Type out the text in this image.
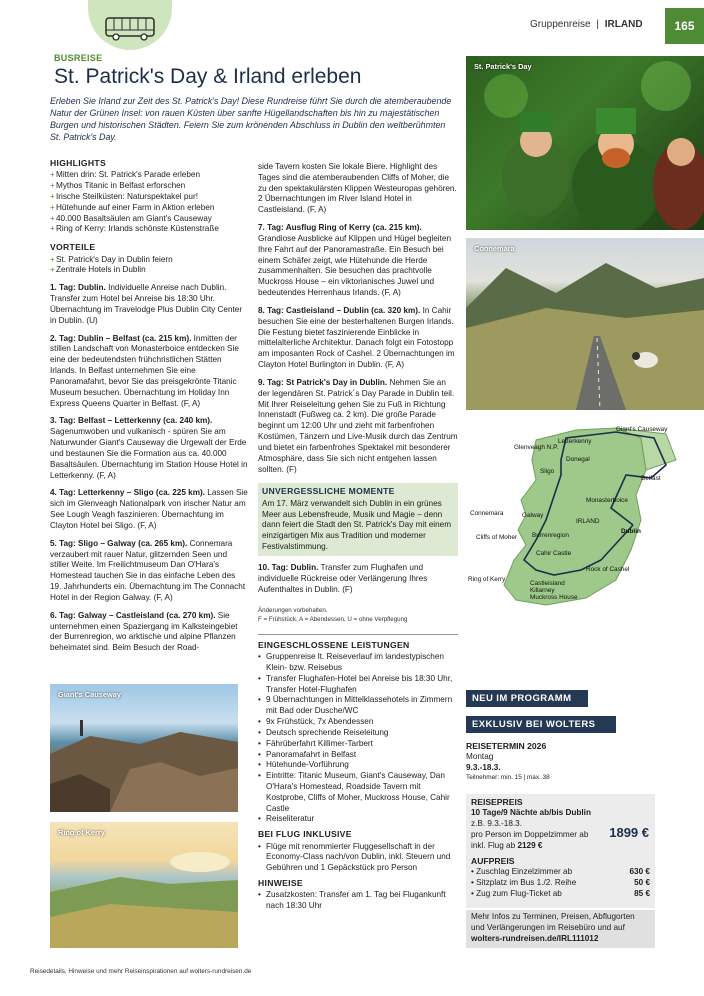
Gruppenreise | IRLAND	165
BUSREISE
St. Patrick's Day & Irland erleben
Erleben Sie Irland zur Zeit des St. Patrick's Day! Diese Rundreise führt Sie durch die atemberaubende Natur der Grünen Insel: von rauen Küsten über sanfte Hügellandschaften bis hin zu majestätischen Burgen und historischen Städten. Feiern Sie zum krönenden Abschluss in Dublin den weltberühmten St. Patrick's Day.
HIGHLIGHTS
+ Mitten drin: St. Patrick's Parade erleben
+ Mythos Titanic in Belfast erforschen
+ Irische Steilküsten: Naturspektakel pur!
+ Hütehunde auf einer Farm in Aktion erleben
+ 40.000 Basaltsäulen am Giant's Causeway
+ Ring of Kerry: Irlands schönste Küstenstraße
VORTEILE
+ St. Patrick's Day in Dublin feiern
+ Zentrale Hotels in Dublin
1. Tag: Dublin. Individuelle Anreise nach Dublin. Transfer zum Hotel bei Anreise bis 18:30 Uhr. Übernachtung im Travelodge Plus Dublin City Center in Dublin. (U)
2. Tag: Dublin – Belfast (ca. 215 km). Inmitten der stillen Landschaft von Monasterboice entdecken Sie eine der bedeutendsten frühchristlichen Stätten Irlands. In Belfast unternehmen Sie eine Panoramafahrt, bevor Sie das preisgekrönte Titanic Museum besuchen. Übernachtung im Holiday Inn Express Queens Quarter in Belfast. (F, A)
3. Tag: Belfast – Letterkenny (ca. 240 km). Sagenumwoben und vulkanisch - spüren Sie am Naturwunder Giant's Causeway die Urgewalt der Erde und bestaunen Sie die Formation aus ca. 40.000 Basaltsäulen. Übernachtung im Station House Hotel in Letterkenny. (F, A)
4. Tag: Letterkenny – Sligo (ca. 225 km). Lassen Sie sich im Glenveagh Nationalpark von irischer Natur am See Lough Veagh faszinieren. Übernachtung im Clayton Hotel bei Sligo. (F, A)
5. Tag: Sligo – Galway (ca. 265 km). Connemara verzaubert mit rauer Natur, glitzernden Seen und stiller Weite. Im Freilichtmuseum Dan O'Hara's Homestead tauchen Sie in das einfache Leben des 19. Jahrhunderts ein. Übernachtung im The Connacht Hotel in der Region Galway. (F, A)
6. Tag: Galway – Castleisland (ca. 270 km). Sie unternehmen einen Spaziergang im Kalksteingebiet der Burrenregion, wo arktische und alpine Pflanzen beheimatet sind. Beim Besuch der Road-
Giant's Causeway
Ring of Kerry
side Tavern kosten Sie lokale Biere. Highlight des Tages sind die atemberaubenden Cliffs of Moher, die zu den spektakulärsten Klippen Westeuropas gehören. 2 Übernachtungen im River Island Hotel in Castleisland. (F, A)
7. Tag: Ausflug Ring of Kerry (ca. 215 km). Grandiose Ausblicke auf Klippen und Hügel begleiten Ihre Fahrt auf der Panoramastraße. Ein Besuch bei einem Schäfer zeigt, wie Hütehunde die Herde zusammenhalten. Sie besuchen das prachtvolle Muckross House – ein viktorianisches Juwel und bedeutendes Herrenhaus Irlands. (F, A)
8. Tag: Castleisland – Dublin (ca. 320 km). In Cahir besuchen Sie eine der besterhaltenen Burgen Irlands. Die Festung bietet faszinierende Einblicke in mittelalterliche Architektur. Danach folgt ein Fotostopp am imposanten Rock of Cashel. 2 Übernachtungen im Clayton Hotel Burlington in Dublin. (F, A)
9. Tag: St Patrick's Day in Dublin. Nehmen Sie an der legendären St. Patrick´s Day Parade in Dublin teil. Mit Ihrer Reiseleitung gehen Sie zu Fuß in Richtung Innenstadt (Fußweg ca. 2 km). Die große Parade beginnt um 12:00 Uhr und zieht mit farbenfrohen Kostümen, Tänzern und Live-Musik durch das Zentrum und bietet ein farbenfrohes Spektakel mit besonderer Atmosphäre, dass Sie sich nicht entgehen lassen sollten. (F)
UNVERGESSLICHE MOMENTE
Am 17. März verwandelt sich Dublin in ein grünes Meer aus Lebensfreude, Musik und Magie – denn dann feiert die Stadt den St. Patrick's Day mit einem einzigartigen Mix aus Tradition und moderner Festivalstimmung.
10. Tag: Dublin. Transfer zum Flughafen und individuelle Rückreise oder Verlängerung Ihres Aufenthaltes in Dublin. (F)
Änderungen vorbehalten.
F = Frühstück, A = Abendessen, U = ohne Verpflegung
EINGESCHLOSSENE LEISTUNGEN
• Gruppenreise lt. Reiseverlauf im landestypischen Klein- bzw. Reisebus
• Transfer Flughafen-Hotel bei Anreise bis 18:30 Uhr, Transfer Hotel-Flughafen
• 9 Übernachtungen in Mittelklassehotels in Zimmern mit Bad oder Dusche/WC
• 9x Frühstück, 7x Abendessen
• Deutsch sprechende Reiseleitung
• Fährüberfahrt Killimer-Tarbert
• Panoramafahrt in Belfast
• Hütehunde-Vorführung
• Eintritte: Titanic Museum, Giant's Causeway, Dan O'Hara's Homestead, Roadside Tavern mit Kostprobe, Cliffs of Moher, Muckross House, Cahir Castle
• Reiseliteratur
BEI FLUG INKLUSIVE
• Flüge mit renommierter Fluggesellschaft in der Economy-Class nach/von Dublin, inkl. Steuern und Gebühren und 1 Gepäckstück pro Person
HINWEISE
• Zusatzkosten: Transfer am 1. Tag bei Flugankunft nach 18:30 Uhr
St. Patrick's Day
Connemara
Giant's Causeway
Letterkenny
Glenveagh N.P.
Donegal
Sligo
Belfast
Monasterboice
Connemara	Galway
IRLAND
Dublin
Cliffs of Moher Burrenregion
Cahir Castle
Rock of Cashel
Ring of Kerry
Castleisland
Killarney
Muckross House
NEU IM PROGRAMM
EXKLUSIV BEI WOLTERS
REISETERMIN 2026
Montag
9.3.-18.3.
Teilnehmer: min. 15 | max. 38
REISEPREIS
10 Tage/9 Nächte ab/bis Dublin
z.B. 9.3.-18.3.
pro Person im Doppelzimmer ab
inkl. Flug ab 2129 €
1899 €
AUFPREIS
• Zuschlag Einzelzimmer ab	630 €
• Sitzplatz im Bus 1./2. Reihe	50 €
• Zug zum Flug-Ticket ab	85 €
Mehr Infos zu Terminen, Preisen, Abflugorten und Verlängerungen im Reisebüro und auf wolters-rundreisen.de/IRL111012
Reisedetails, Hinweise und mehr Reiseinspirationen auf wolters-rundreisen.de
